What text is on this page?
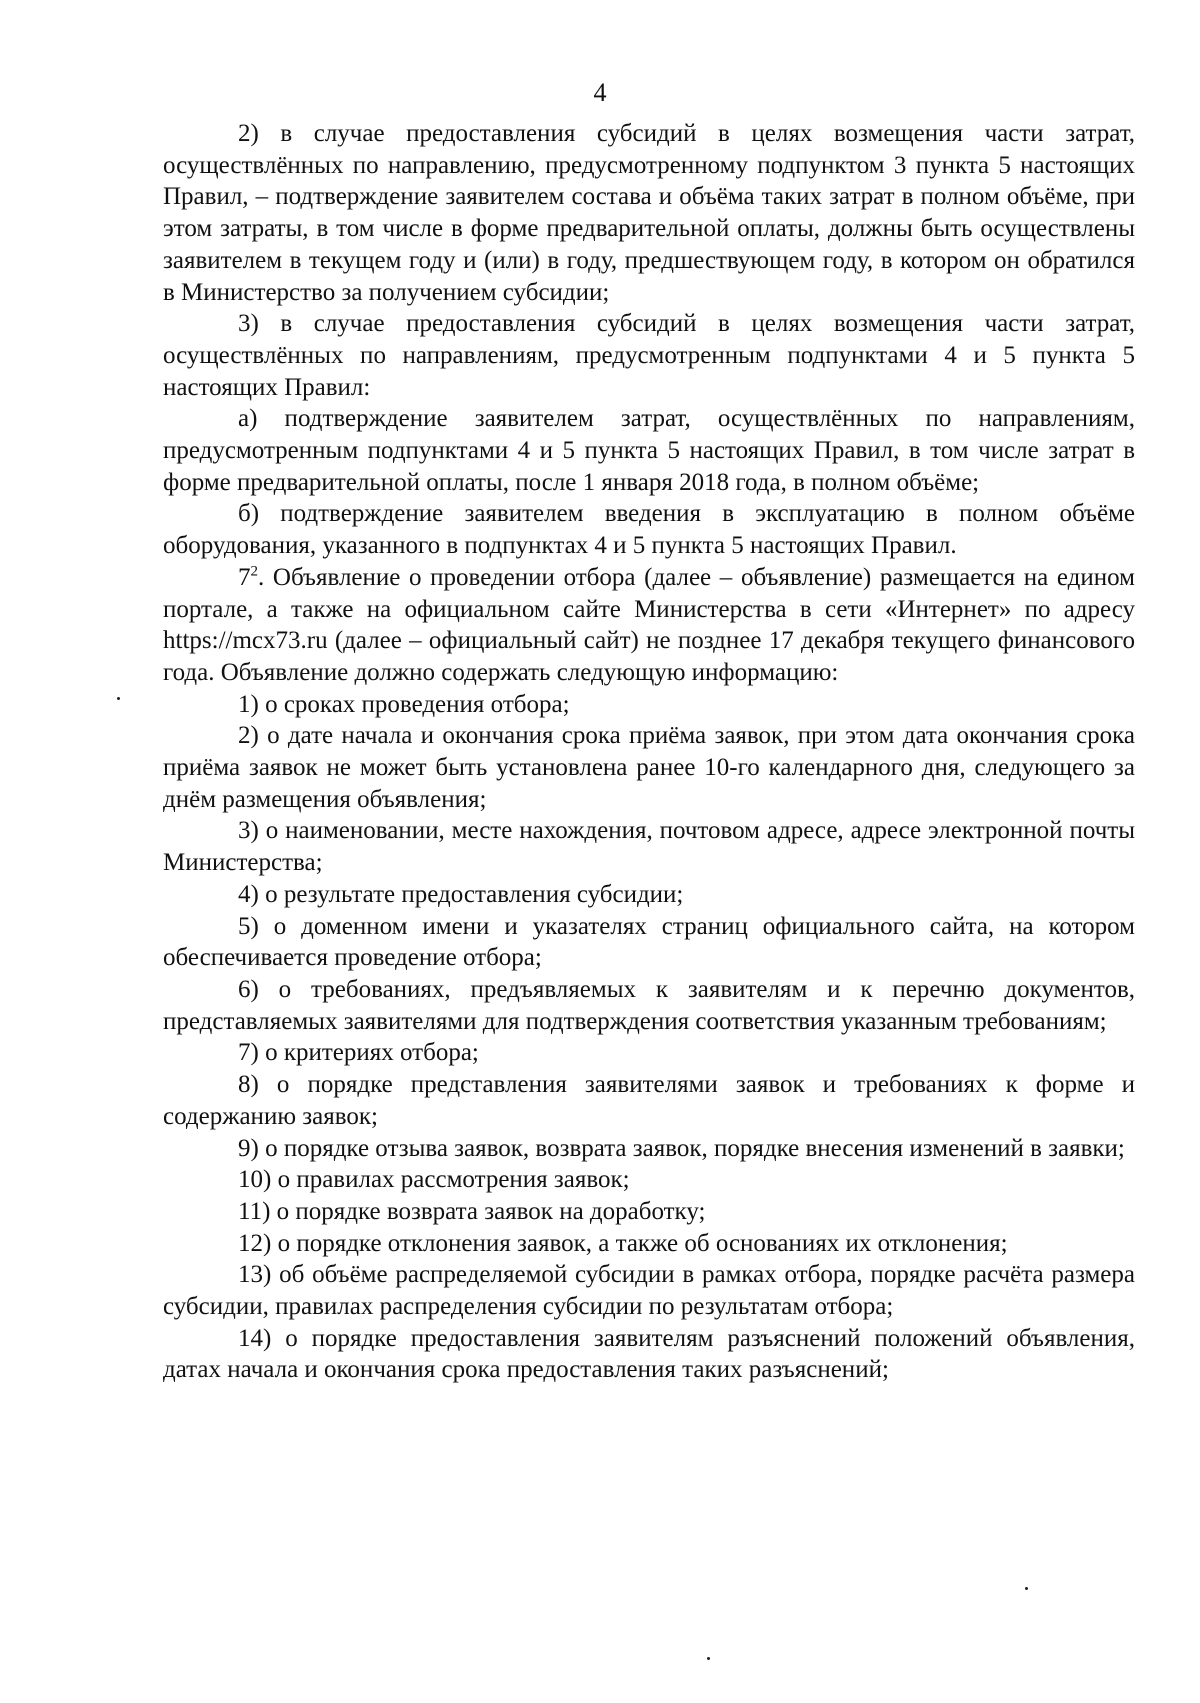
4

2) в случае предоставления субсидий в целях возмещения части затрат, осуществлённых по направлению, предусмотренному подпунктом 3 пункта 5 настоящих Правил, – подтверждение заявителем состава и объёма таких затрат в полном объёме, при этом затраты, в том числе в форме предварительной оплаты, должны быть осуществлены заявителем в текущем году и (или) в году, предшествующем году, в котором он обратился в Министерство за получением субсидии;

3) в случае предоставления субсидий в целях возмещения части затрат, осуществлённых по направлениям, предусмотренным подпунктами 4 и 5 пункта 5 настоящих Правил:

а) подтверждение заявителем затрат, осуществлённых по направлениям, предусмотренным подпунктами 4 и 5 пункта 5 настоящих Правил, в том числе затрат в форме предварительной оплаты, после 1 января 2018 года, в полном объёме;

б) подтверждение заявителем введения в эксплуатацию в полном объёме оборудования, указанного в подпунктах 4 и 5 пункта 5 настоящих Правил.

$7^2$. Объявление о проведении отбора (далее – объявление) размещается на едином портале, а также на официальном сайте Министерства в сети «Интернет» по адресу https://mcx73.ru (далее – официальный сайт) не позднее 17 декабря текущего финансового года. Объявление должно содержать следующую информацию:

1) о сроках проведения отбора;

2) о дате начала и окончания срока приёма заявок, при этом дата окончания срока приёма заявок не может быть установлена ранее 10-го календарного дня, следующего за днём размещения объявления;

3) о наименовании, месте нахождения, почтовом адресе, адресе электронной почты Министерства;

4) о результате предоставления субсидии;

5) о доменном имени и указателях страниц официального сайта, на котором обеспечивается проведение отбора;

6) о требованиях, предъявляемых к заявителям и к перечню документов, представляемых заявителями для подтверждения соответствия указанным требованиям;

7) о критериях отбора;

8) о порядке представления заявителями заявок и требованиях к форме и содержанию заявок;

9) о порядке отзыва заявок, возврата заявок, порядке внесения изменений в заявки;

10) о правилах рассмотрения заявок;

11) о порядке возврата заявок на доработку;

12) о порядке отклонения заявок, а также об основаниях их отклонения;

13) об объёме распределяемой субсидии в рамках отбора, порядке расчёта размера субсидии, правилах распределения субсидии по результатам отбора;

14) о порядке предоставления заявителям разъяснений положений объявления, датах начала и окончания срока предоставления таких разъяснений;
